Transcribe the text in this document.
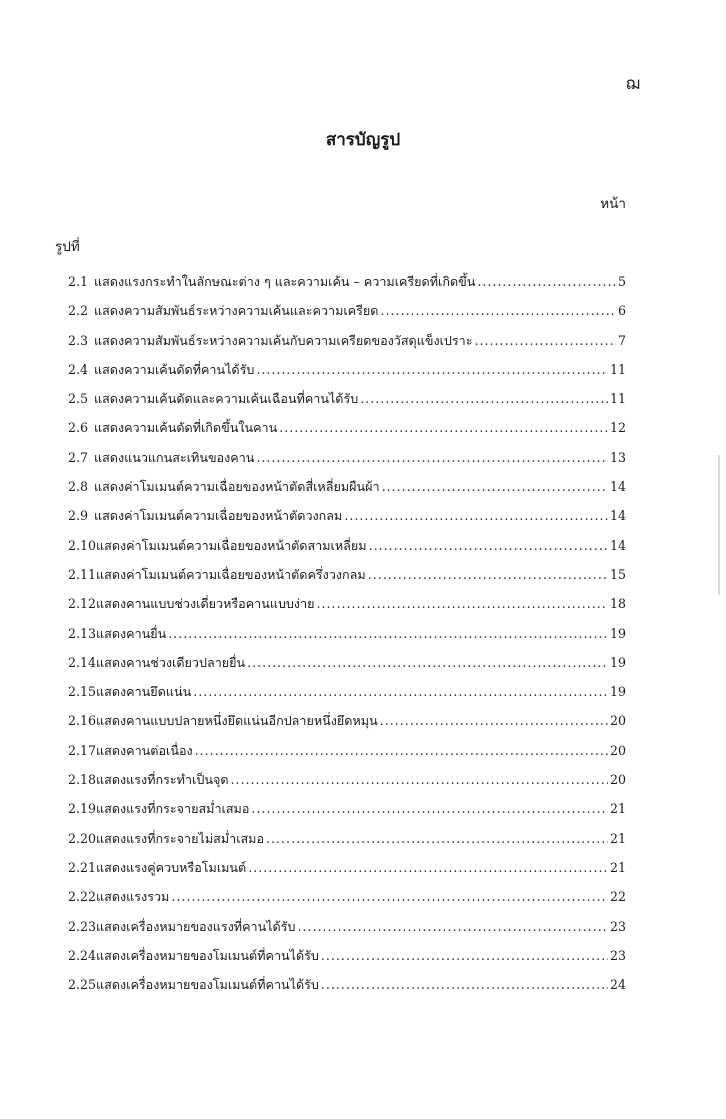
ฌ
สารบัญรูป
หน้า
รูปที่
2.1 แสดงแรงกระทำในลักษณะต่าง ๆ และความเค้น – ความเครียดที่เกิดขึ้น .....	5
2.2 แสดงความสัมพันธ์ระหว่างความเค้นและความเครียด .....	6
2.3 แสดงความสัมพันธ์ระหว่างความเค้นกับความเครียดของวัสดุแข็งเปราะ .....	7
2.4 แสดงความเค้นดัดที่คานได้รับ .....	11
2.5 แสดงความเค้นดัดและความเค้นเฉือนที่คานได้รับ .....	11
2.6 แสดงความเค้นดัดที่เกิดขึ้นในคาน .....	12
2.7 แสดงแนวแกนสะเทินของคาน .....	13
2.8 แสดงค่าโมเมนต์ความเฉื่อยของหน้าตัดสี่เหลี่ยมผืนผ้า .....	14
2.9 แสดงค่าโมเมนต์ความเฉื่อยของหน้าตัดวงกลม .....	14
2.10 แสดงค่าโมเมนต์ความเฉื่อยของหน้าตัดสามเหลี่ยม .....	14
2.11 แสดงค่าโมเมนต์ความเฉื่อยของหน้าตัดครึ่งวงกลม .....	15
2.12 แสดงคานแบบช่วงเดี่ยวหรือคานแบบง่าย .....	18
2.13 แสดงคานยื่น .....	19
2.14 แสดงคานช่วงเดียวปลายยื่น .....	19
2.15 แสดงคานยึดแน่น .....	19
2.16 แสดงคานแบบปลายหนึ่งยึดแน่นอีกปลายหนึ่งยึดหมุน .....	20
2.17 แสดงคานต่อเนื่อง .....	20
2.18 แสดงแรงที่กระทำเป็นจุด .....	20
2.19 แสดงแรงที่กระจายสม่ำเสมอ .....	21
2.20 แสดงแรงที่กระจายไม่สม่ำเสมอ .....	21
2.21 แสดงแรงคู่ควบหรือโมเมนต์ .....	21
2.22 แสดงแรงรวม .....	22
2.23 แสดงเครื่องหมายของแรงที่คานได้รับ .....	23
2.24 แสดงเครื่องหมายของโมเมนต์ที่คานได้รับ .....	23
2.25 แสดงเครื่องหมายของโมเมนต์ที่คานได้รับ .....	24
